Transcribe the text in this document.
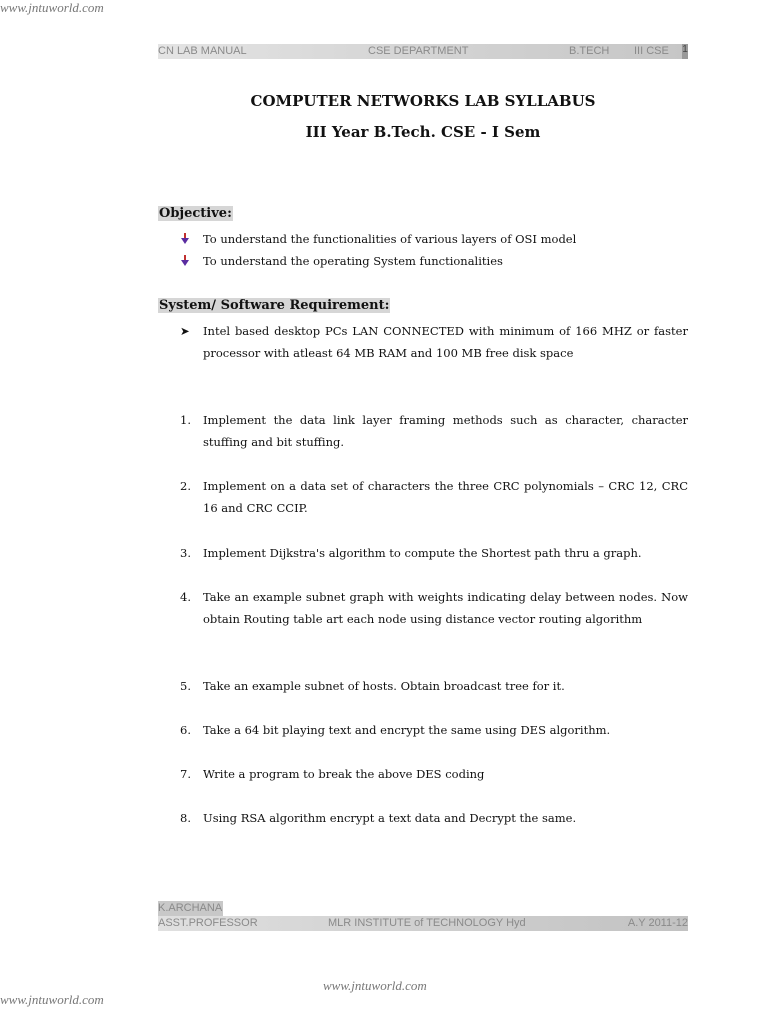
www.jntuworld.com
CN LAB MANUAL	CSE DEPARTMENT	B.TECH III CSE 1
COMPUTER NETWORKS LAB SYLLABUS
III Year B.Tech. CSE - I Sem
Objective:
To understand the functionalities of various layers of OSI model
To understand the operating System functionalities
System/ Software Requirement:
➤ Intel based desktop PCs LAN CONNECTED with minimum of 166 MHZ or faster processor with atleast 64 MB RAM and 100 MB free disk space
1. Implement the data link layer framing methods such as character, character stuffing and bit stuffing.
2. Implement on a data set of characters the three CRC polynomials – CRC 12, CRC   16 and CRC CCIP.
3. Implement Dijkstra's algorithm to compute the Shortest path thru a graph.
4. Take an example subnet graph with weights indicating delay between nodes. Now obtain Routing table art each node using distance vector routing algorithm
5. Take an example subnet of hosts. Obtain broadcast tree for it.
6. Take a 64 bit playing text and encrypt the same using DES algorithm.
7. Write a program to break the above DES coding
8. Using RSA algorithm encrypt a text data and Decrypt the same.
K.ARCHANA
ASST.PROFESSOR	MLR INSTITUTE of TECHNOLOGY Hyd	A.Y 2011-12
www.jntuworld.com
www.jntuworld.com
